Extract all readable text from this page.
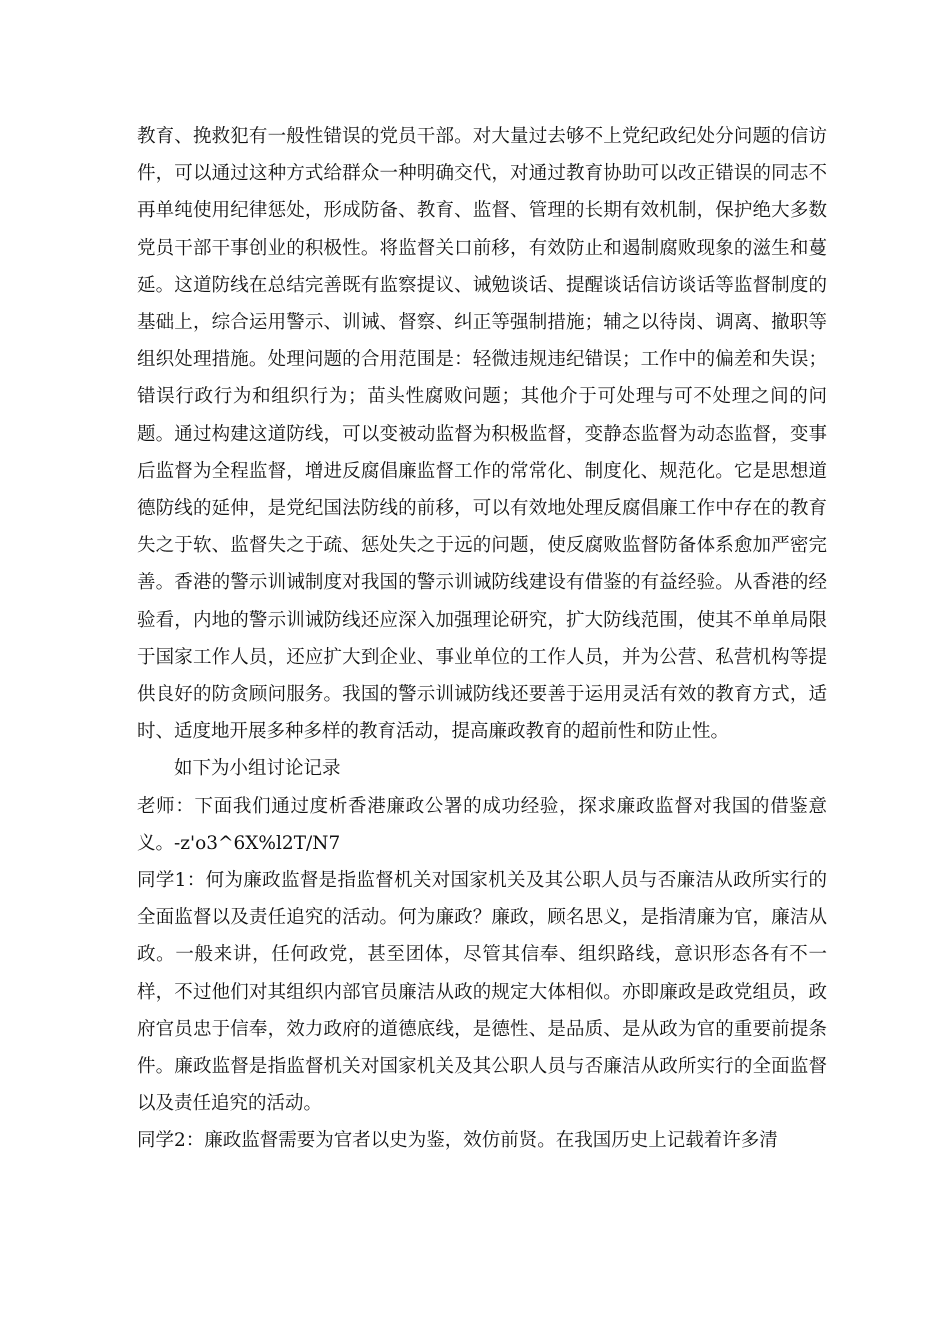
教育、挽救犯有一般性错误的党员干部。对大量过去够不上党纪政纪处分问题的信访件，可以通过这种方式给群众一种明确交代，对通过教育协助可以改正错误的同志不再单纯使用纪律惩处，形成防备、教育、监督、管理的长期有效机制，保护绝大多数党员干部干事创业的积极性。将监督关口前移，有效防止和遏制腐败现象的滋生和蔓延。这道防线在总结完善既有监察提议、诫勉谈话、提醒谈话信访谈话等监督制度的基础上，综合运用警示、训诫、督察、纠正等强制措施；辅之以待岗、调离、撤职等组织处理措施。处理问题的合用范围是：轻微违规违纪错误；工作中的偏差和失误；错误行政行为和组织行为；苗头性腐败问题；其他介于可处理与可不处理之间的问题。通过构建这道防线，可以变被动监督为积极监督，变静态监督为动态监督，变事后监督为全程监督，增进反腐倡廉监督工作的常常化、制度化、规范化。它是思想道德防线的延伸，是党纪国法防线的前移，可以有效地处理反腐倡廉工作中存在的教育失之于软、监督失之于疏、惩处失之于远的问题，使反腐败监督防备体系愈加严密完善。香港的警示训诫制度对我国的警示训诫防线建设有借鉴的有益经验。从香港的经验看，内地的警示训诫防线还应深入加强理论研究，扩大防线范围，使其不单单局限于国家工作人员，还应扩大到企业、事业单位的工作人员，并为公营、私营机构等提供良好的防贪顾问服务。我国的警示训诫防线还要善于运用灵活有效的教育方式，适时、适度地开展多种多样的教育活动，提高廉政教育的超前性和防止性。

如下为小组讨论记录

老师：下面我们通过度析香港廉政公署的成功经验，探求廉政监督对我国的借鉴意义。-z'o3^6X%l2T/N7

同学1：何为廉政监督是指监督机关对国家机关及其公职人员与否廉洁从政所实行的全面监督以及责任追究的活动。何为廉政？廉政，顾名思义，是指清廉为官，廉洁从政。一般来讲，任何政党，甚至团体，尽管其信奉、组织路线，意识形态各有不一样，不过他们对其组织内部官员廉洁从政的规定大体相似。亦即廉政是政党组员，政府官员忠于信奉，效力政府的道德底线，是德性、是品质、是从政为官的重要前提条件。廉政监督是指监督机关对国家机关及其公职人员与否廉洁从政所实行的全面监督以及责任追究的活动。

同学2：廉政监督需要为官者以史为鉴，效仿前贤。在我国历史上记载着许多清
